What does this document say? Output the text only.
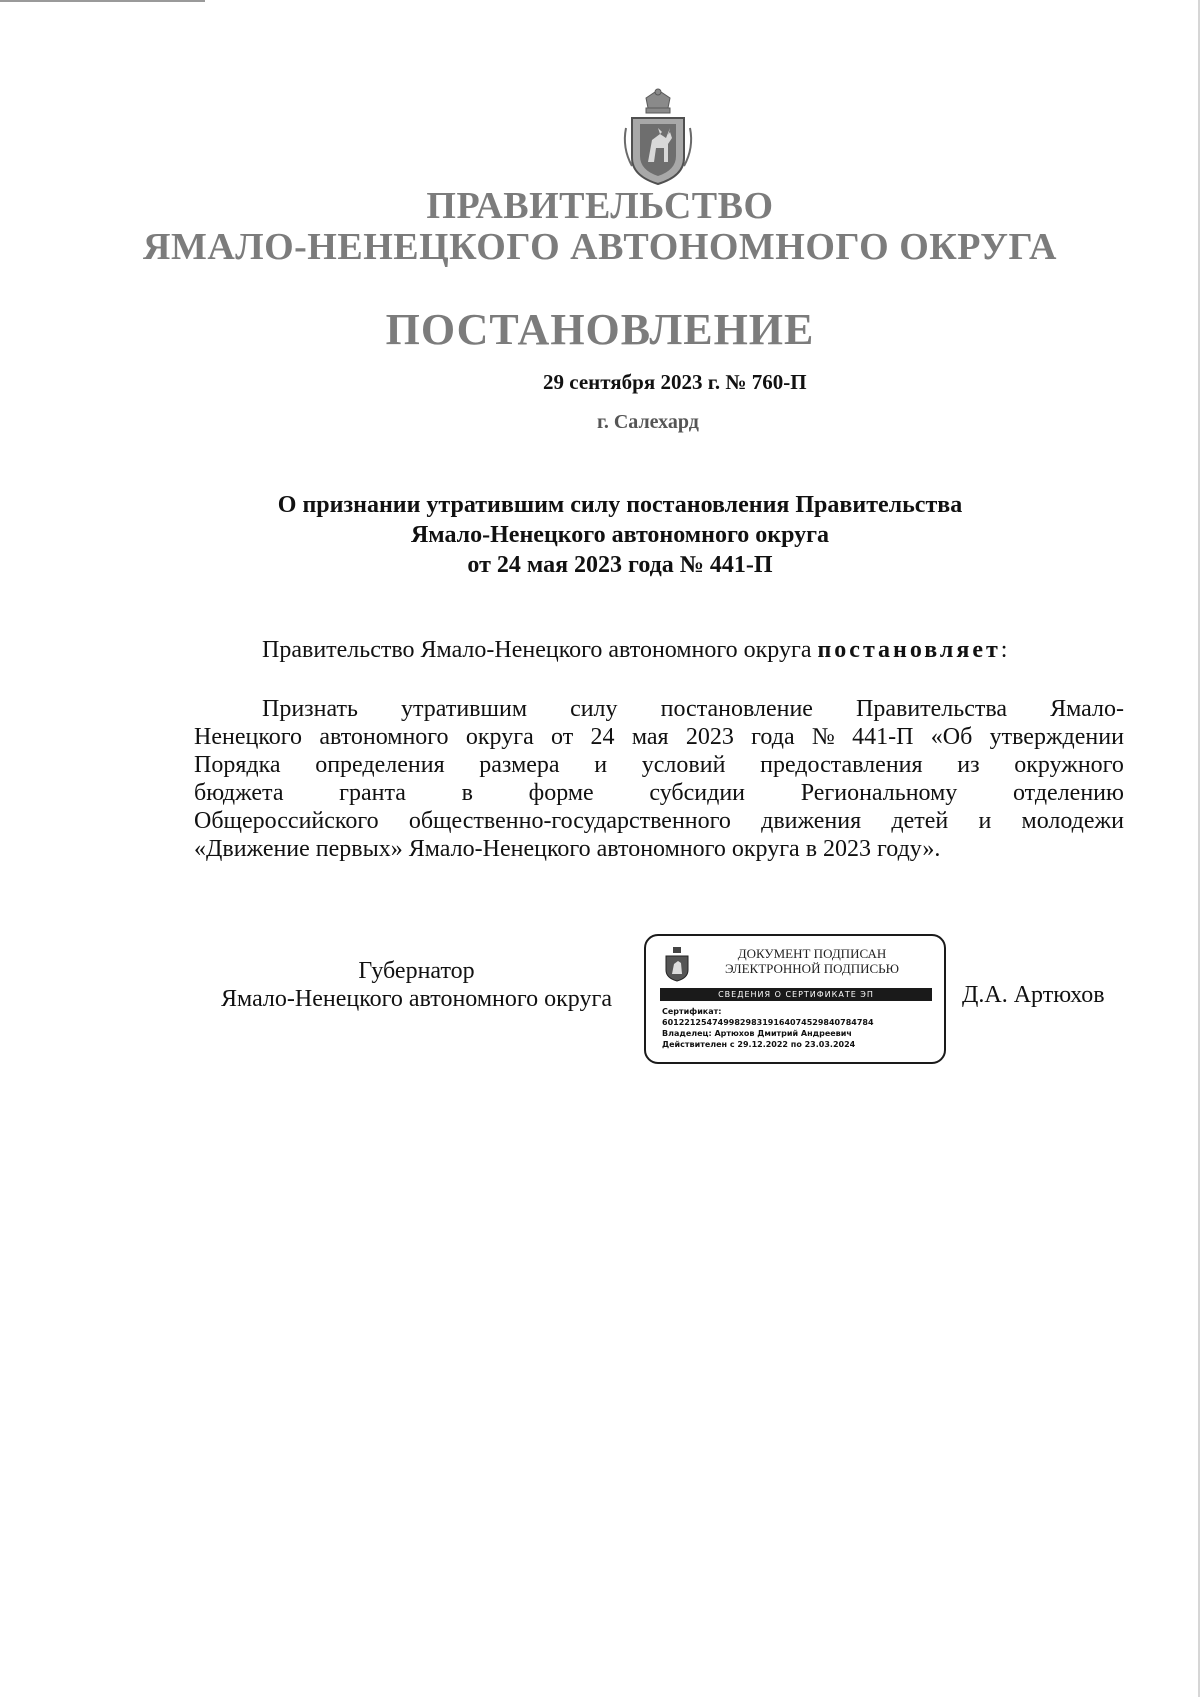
ПРАВИТЕЛЬСТВО
ЯМАЛО-НЕНЕЦКОГО АВТОНОМНОГО ОКРУГА
ПОСТАНОВЛЕНИЕ
29 сентября 2023 г. № 760-П
г. Салехард
О признании утратившим силу постановления Правительства
Ямало-Ненецкого автономного округа
от 24 мая 2023 года № 441-П
Правительство Ямало-Ненецкого автономного округа постановляет:
Признать утратившим силу постановление Правительства Ямало-
Ненецкого автономного округа от 24 мая 2023 года № 441-П «Об утверждении
Порядка определения размера и условий предоставления из окружного
бюджета гранта в форме субсидии Региональному отделению
Общероссийского общественно-государственного движения детей и молодежи
«Движение первых» Ямало-Ненецкого автономного округа в 2023 году».
Губернатор
Ямало-Ненецкого автономного округа
ДОКУМЕНТ ПОДПИСАН
ЭЛЕКТРОННОЙ ПОДПИСЬЮ
СВЕДЕНИЯ О СЕРТИФИКАТЕ ЭП
Сертификат:
60122125474998298319164074529840784784
Владелец: Артюхов Дмитрий Андреевич
Действителен с 29.12.2022 по 23.03.2024
Д.А. Артюхов
